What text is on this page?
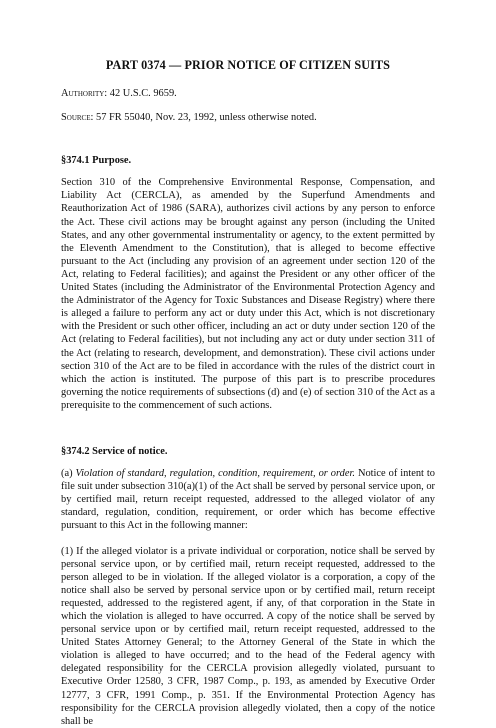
PART 0374 — PRIOR NOTICE OF CITIZEN SUITS

Authority: 42 U.S.C. 9659.

Source: 57 FR 55040, Nov. 23, 1992, unless otherwise noted.

§374.1 Purpose.

Section 310 of the Comprehensive Environmental Response, Compensation, and Liability Act (CERCLA), as amended by the Superfund Amendments and Reauthorization Act of 1986 (SARA), authorizes civil actions by any person to enforce the Act. These civil actions may be brought against any person (including the United States, and any other governmental instrumentality or agency, to the extent permitted by the Eleventh Amendment to the Constitution), that is alleged to become effective pursuant to the Act (including any provision of an agreement under section 120 of the Act, relating to Federal facilities); and against the President or any other officer of the United States (including the Administrator of the Environmental Protection Agency and the Administrator of the Agency for Toxic Substances and Disease Registry) where there is alleged a failure to perform any act or duty under this Act, which is not discretionary with the President or such other officer, including an act or duty under section 120 of the Act (relating to Federal facilities), but not including any act or duty under section 311 of the Act (relating to research, development, and demonstration). These civil actions under section 310 of the Act are to be filed in accordance with the rules of the district court in which the action is instituted. The purpose of this part is to prescribe procedures governing the notice requirements of subsections (d) and (e) of section 310 of the Act as a prerequisite to the commencement of such actions.

§374.2 Service of notice.

(a) Violation of standard, regulation, condition, requirement, or order. Notice of intent to file suit under subsection 310(a)(1) of the Act shall be served by personal service upon, or by certified mail, return receipt requested, addressed to the alleged violator of any standard, regulation, condition, requirement, or order which has become effective pursuant to this Act in the following manner:

(1) If the alleged violator is a private individual or corporation, notice shall be served by personal service upon, or by certified mail, return receipt requested, addressed to the person alleged to be in violation. If the alleged violator is a corporation, a copy of the notice shall also be served by personal service upon or by certified mail, return receipt requested, addressed to the registered agent, if any, of that corporation in the State in which the violation is alleged to have occurred. A copy of the notice shall be served by personal service upon or by certified mail, return receipt requested, addressed to the United States Attorney General; to the Attorney General of the State in which the violation is alleged to have occurred; and to the head of the Federal agency with delegated responsibility for the CERCLA provision allegedly violated, pursuant to Executive Order 12580, 3 CFR, 1987 Comp., p. 193, as amended by Executive Order 12777, 3 CFR, 1991 Comp., p. 351. If the Environmental Protection Agency has responsibility for the CERCLA provision allegedly violated, then a copy of the notice shall be
